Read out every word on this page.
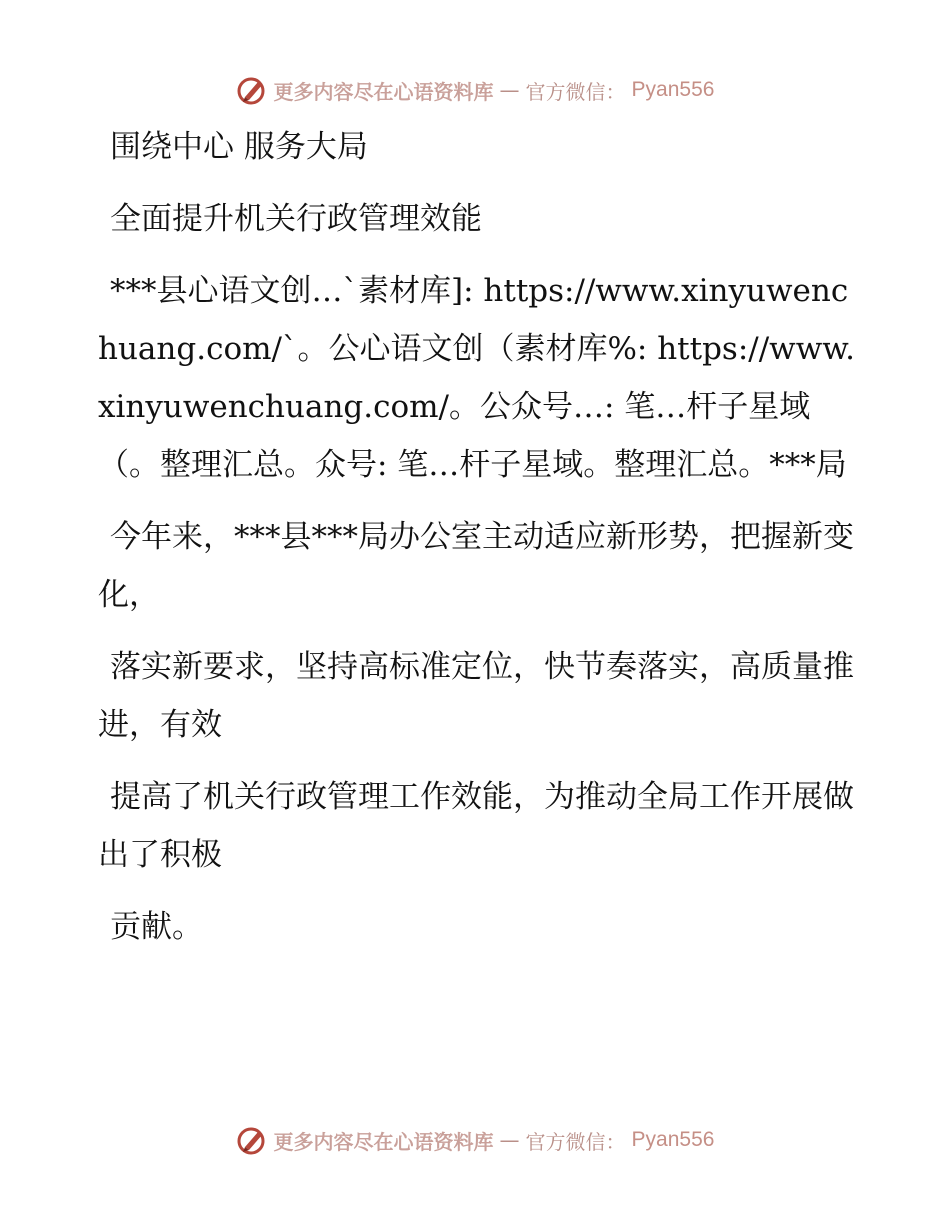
更多内容尽在心语资料库 — 官方微信： Pyan556

围绕中心 服务大局

全面提升机关行政管理效能

***县心语文创…`素材库]: https://www.xinyuwenchuang.com/`。公心语文创（素材库%: https://www.xinyuwenchuang.com/。公众号…: 笔…杆子星域（。整理汇总。众号: 笔…杆子星域。整理汇总。***局

今年来，***县***局办公室主动适应新形势，把握新变化，

落实新要求，坚持高标准定位，快节奏落实，高质量推进，有效

提高了机关行政管理工作效能，为推动全局工作开展做出了积极

贡献。

更多内容尽在心语资料库 — 官方微信： Pyan556
